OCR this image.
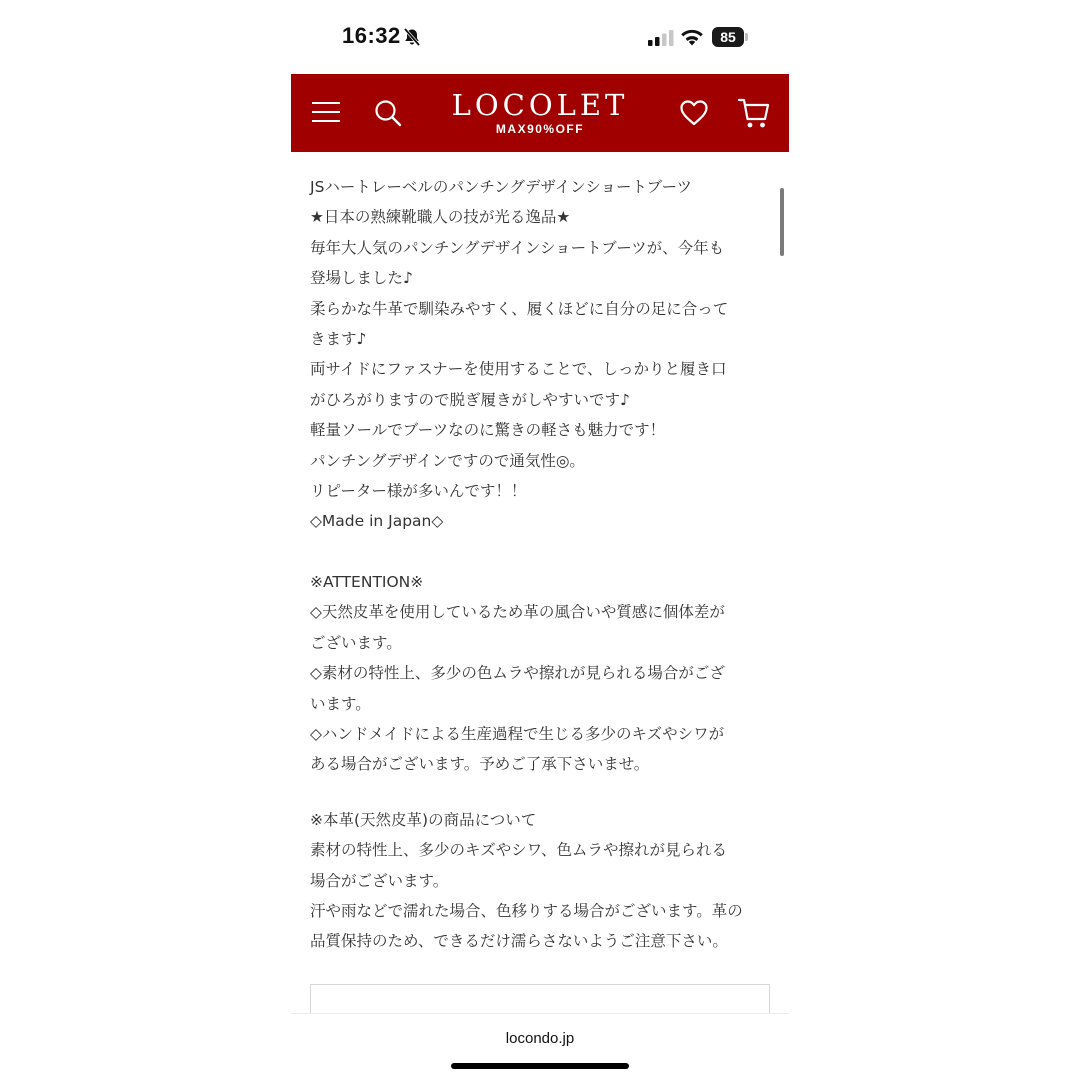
16:32	85
LOCOLET
MAX90%OFF
JSハートレーベルのパンチングデザインショートブーツ
★日本の熟練靴職人の技が光る逸品★
毎年大人気のパンチングデザインショートブーツが、今年も
登場しました♪
柔らかな牛革で馴染みやすく、履くほどに自分の足に合って
きます♪
両サイドにファスナーを使用することで、しっかりと履き口
がひろがりますので脱ぎ履きがしやすいです♪
軽量ソールでブーツなのに驚きの軽さも魅力です！
パンチングデザインですので通気性◎。
リピーター様が多いんです！！
◇Made in Japan◇
※ATTENTION※
◇天然皮革を使用しているため革の風合いや質感に個体差が
ございます。
◇素材の特性上、多少の色ムラや擦れが見られる場合がござ
います。
◇ハンドメイドによる生産過程で生じる多少のキズやシワが
ある場合がございます。予めご了承下さいませ。
※本革(天然皮革)の商品について
素材の特性上、多少のキズやシワ、色ムラや擦れが見られる
場合がございます。
汗や雨などで濡れた場合、色移りする場合がございます。革の
品質保持のため、できるだけ濡らさないようご注意下さい。
locondo.jp
